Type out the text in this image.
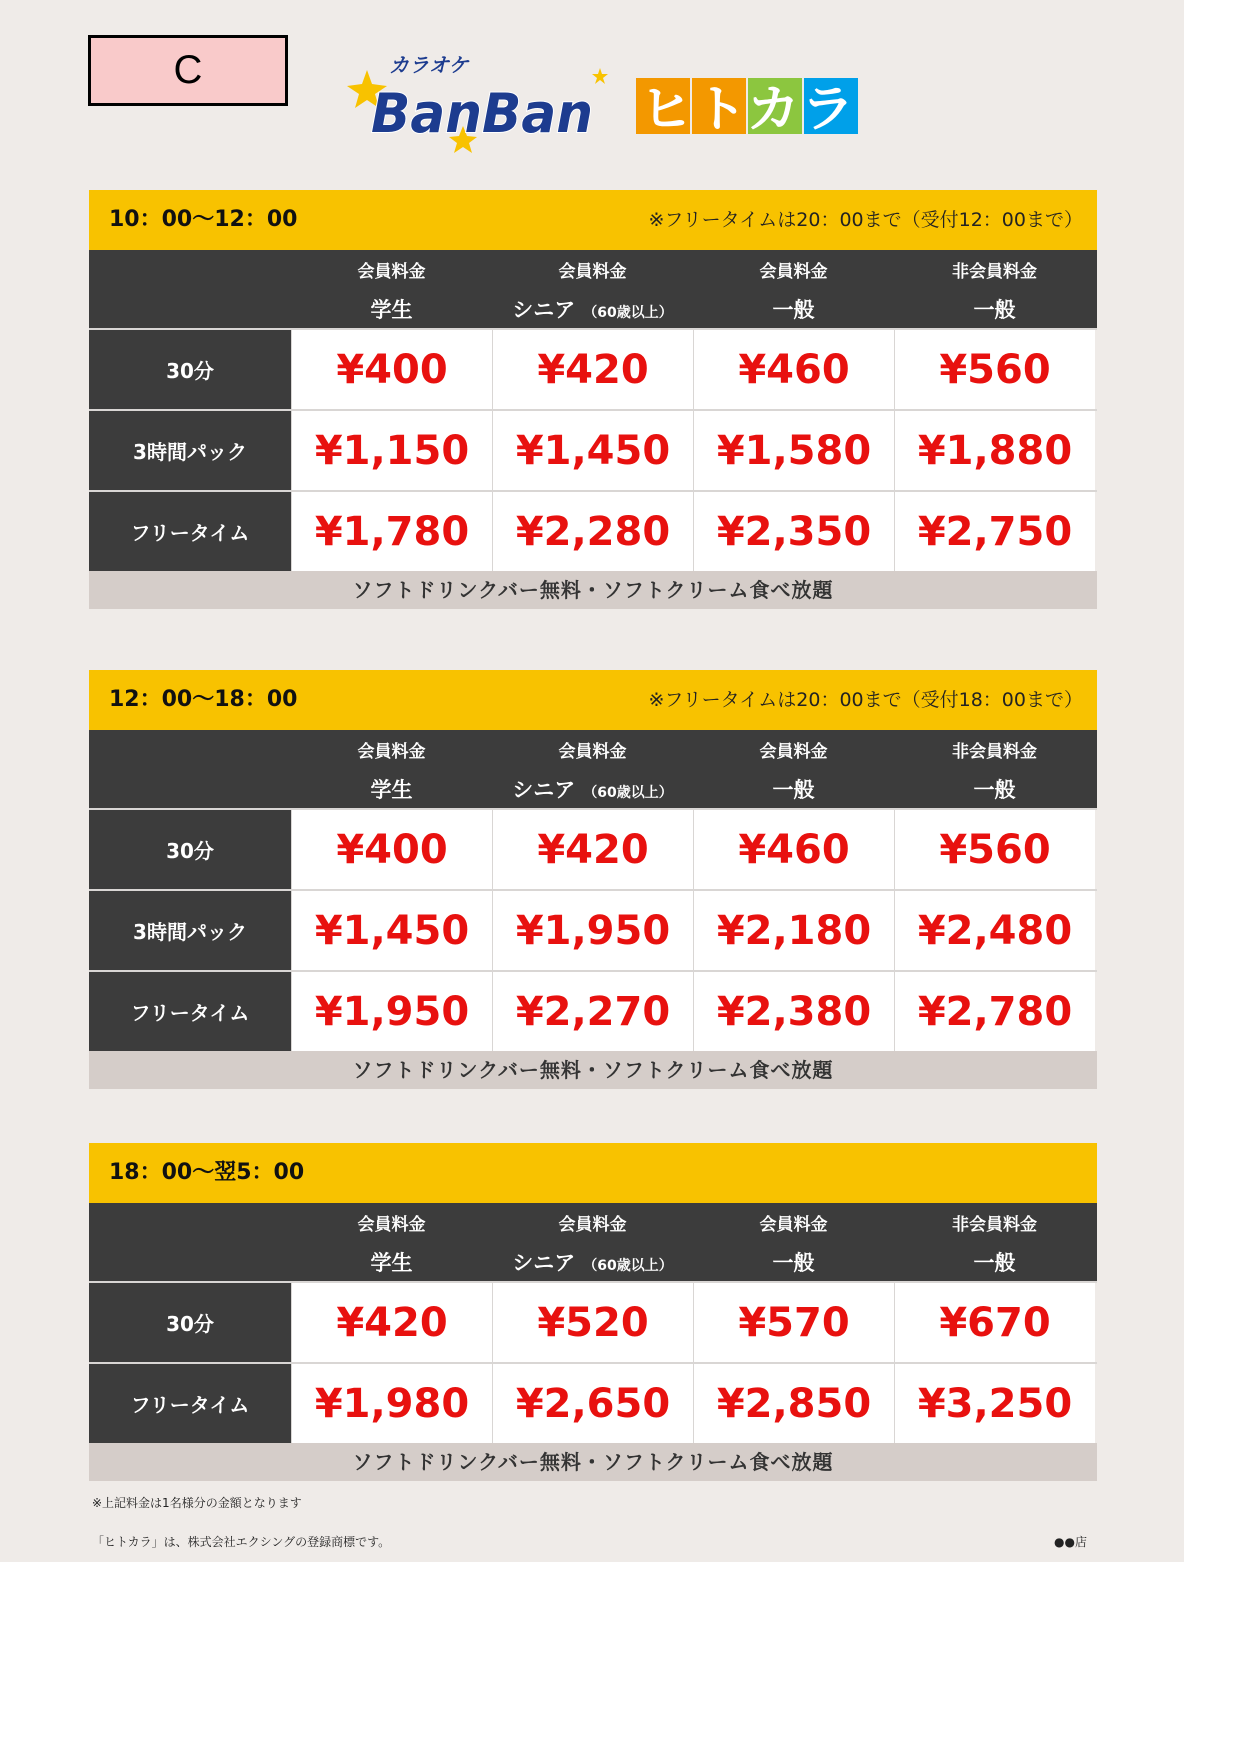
C	カラオケ
BanBan ヒトカラ
10：00〜12：00	※フリータイムは20：00まで（受付12：00まで）
会員料金
学生
会員料金
シニア （60歳以上）
会員料金
一般
非会員料金
一般
30分	¥400	¥420	¥460	¥560
3時間パック	¥1,150	¥1,450	¥1,580	¥1,880
フリータイム	¥1,780	¥2,280	¥2,350	¥2,750
ソフトドリンクバー無料・ソフトクリーム食べ放題
12：00〜18：00	※フリータイムは20：00まで（受付18：00まで）
会員料金
学生
会員料金
シニア （60歳以上）
会員料金
一般
非会員料金
一般
30分	¥400	¥420	¥460	¥560
3時間パック	¥1,450	¥1,950	¥2,180	¥2,480
フリータイム	¥1,950	¥2,270	¥2,380	¥2,780
ソフトドリンクバー無料・ソフトクリーム食べ放題
18：00〜翌5：00
会員料金
学生
会員料金
シニア （60歳以上）
会員料金
一般
非会員料金
一般
30分	¥420	¥520	¥570	¥670
フリータイム	¥1,980	¥2,650	¥2,850	¥3,250
ソフトドリンクバー無料・ソフトクリーム食べ放題
※上記料金は1名様分の金額となります
「ヒトカラ」は、株式会社エクシングの登録商標です。	●●店
